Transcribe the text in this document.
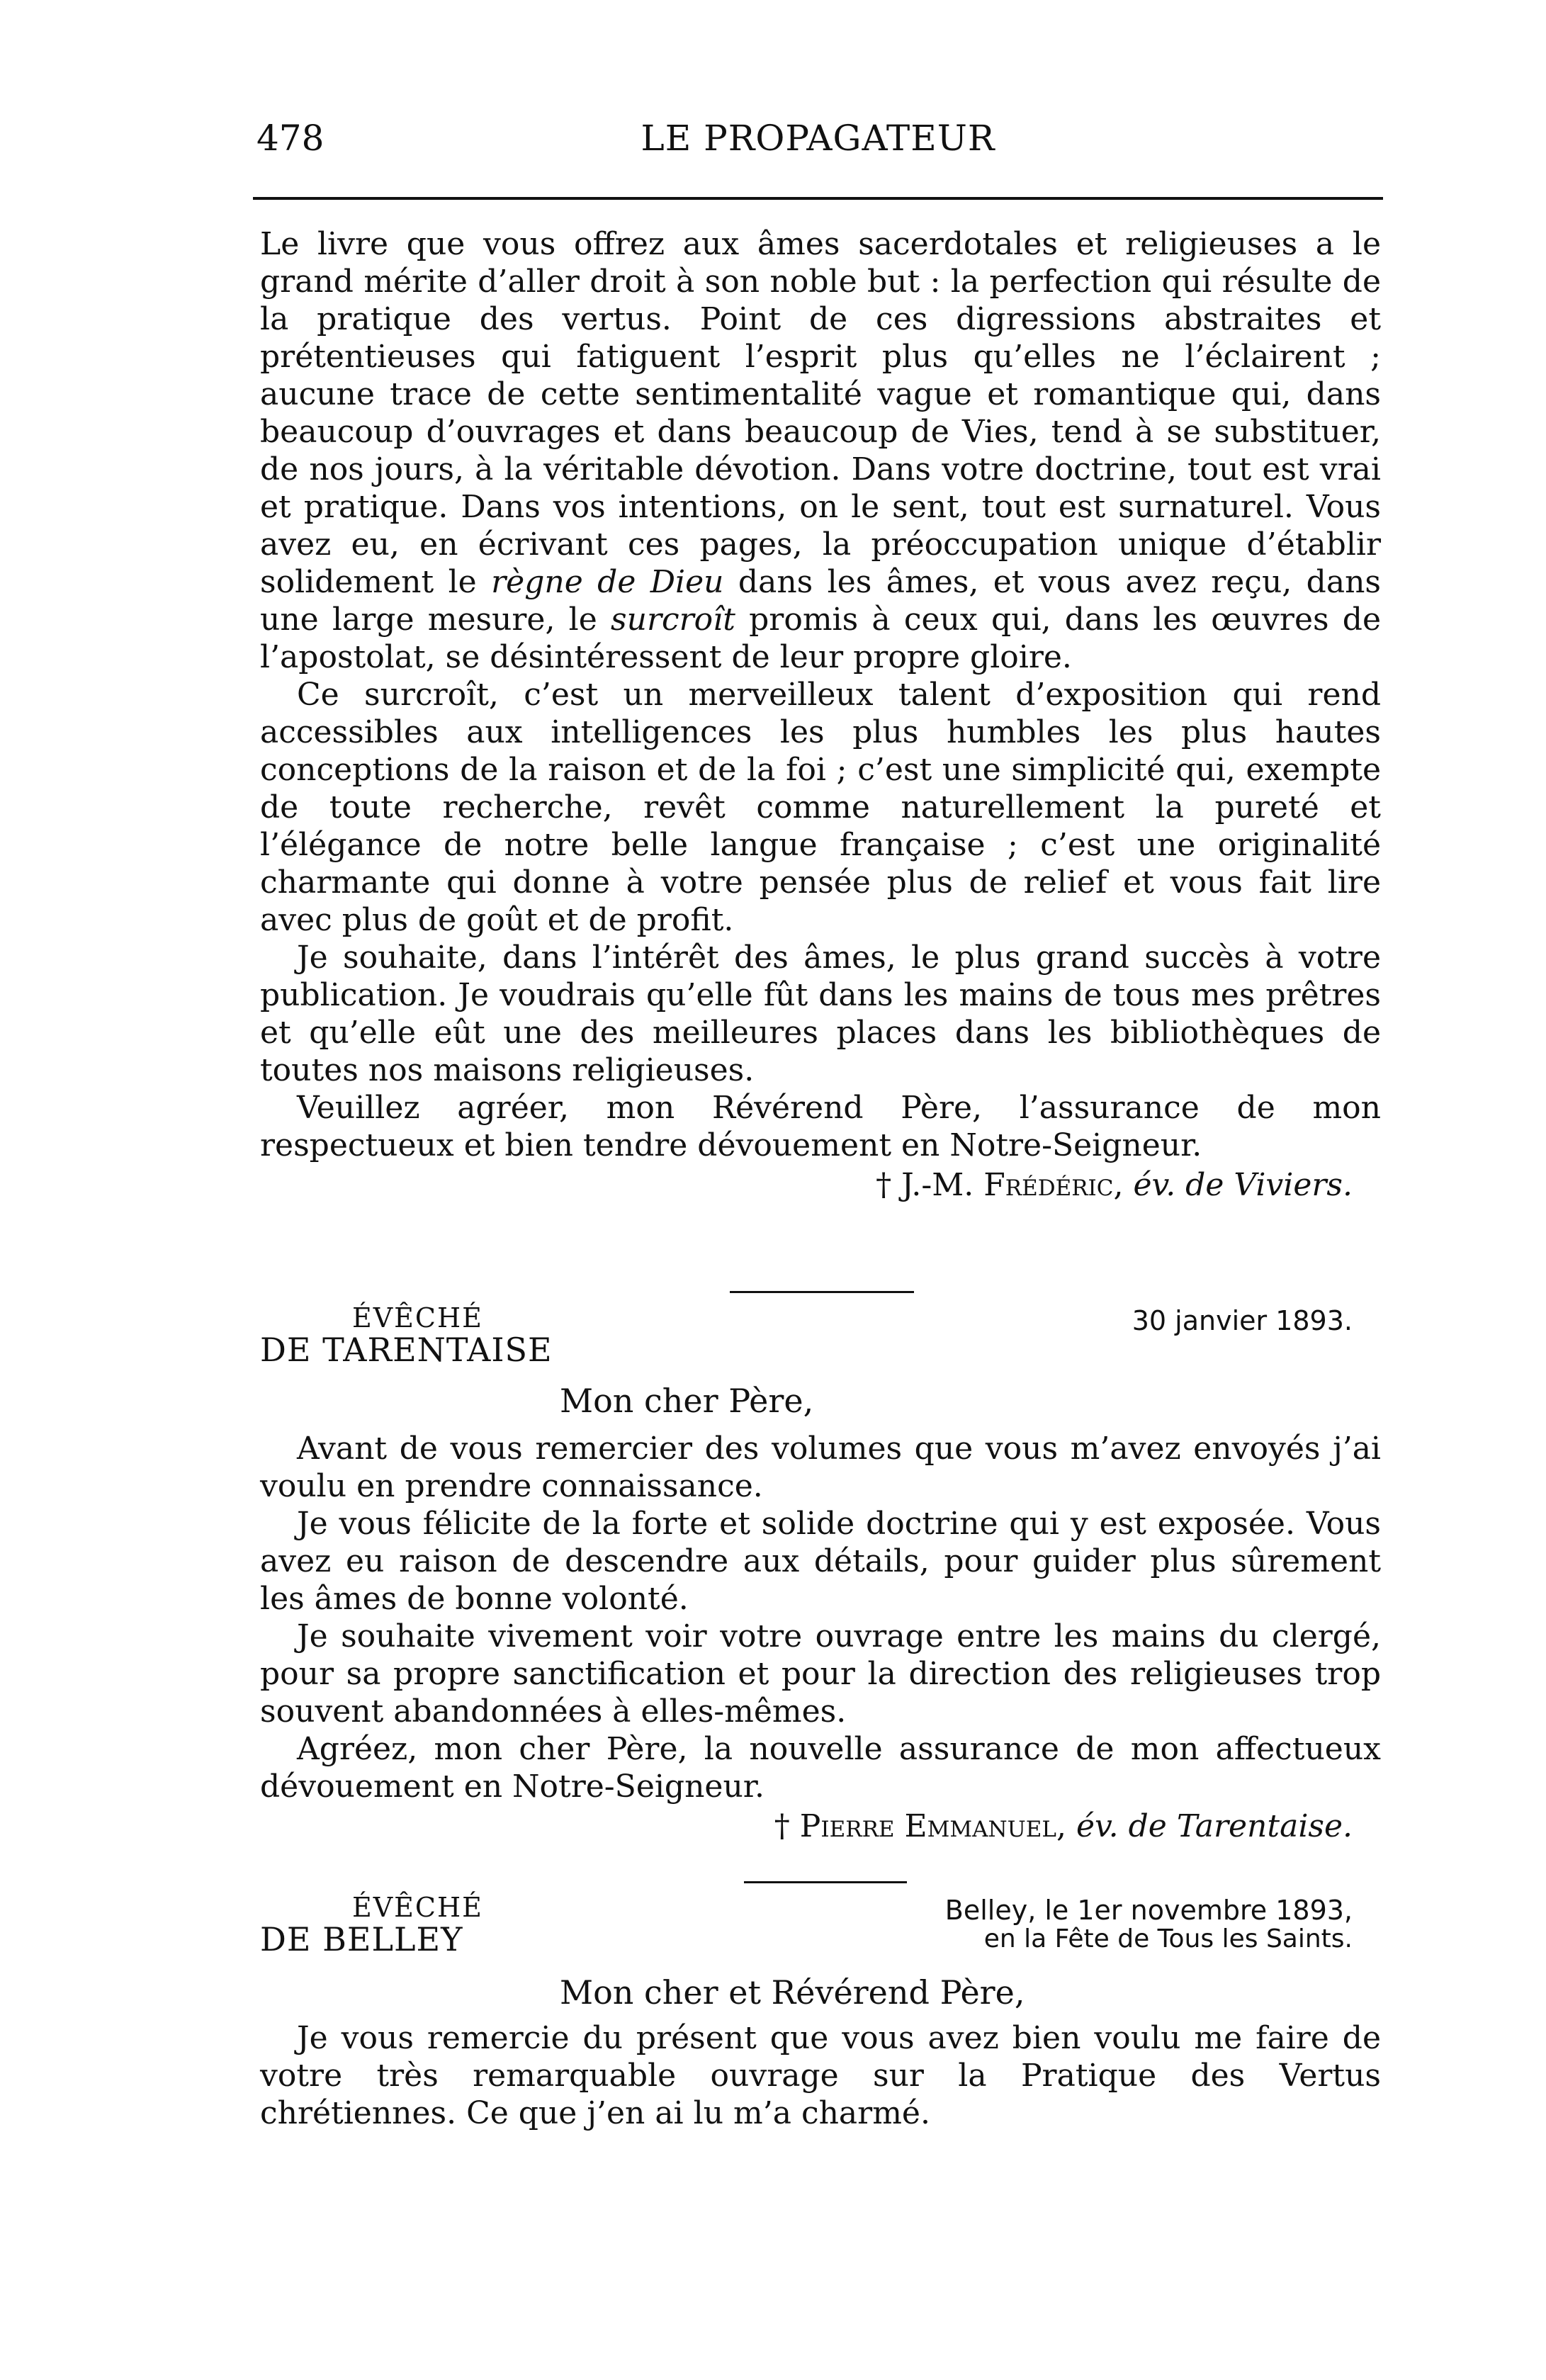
478	LE PROPAGATEUR

Le livre que vous offrez aux âmes sacerdotales et religieuses a le grand mérite d’aller droit à son noble but : la perfection qui résulte de la pratique des vertus. Point de ces digressions abstraites et prétentieuses qui fatiguent l’esprit plus qu’elles ne l’éclairent ; aucune trace de cette sentimentalité vague et romantique qui, dans beaucoup d’ouvrages et dans beaucoup de Vies, tend à se substituer, de nos jours, à la véritable dévotion. Dans votre doctrine, tout est vrai et pratique. Dans vos intentions, on le sent, tout est surnaturel. Vous avez eu, en écrivant ces pages, la préoccupation unique d’établir solidement le règne de Dieu dans les âmes, et vous avez reçu, dans une large mesure, le surcroît promis à ceux qui, dans les œuvres de l’apostolat, se désintéressent de leur propre gloire.

Ce surcroît, c’est un merveilleux talent d’exposition qui rend accessibles aux intelligences les plus humbles les plus hautes conceptions de la raison et de la foi ; c’est une simplicité qui, exempte de toute recherche, revêt comme naturellement la pureté et l’élégance de notre belle langue française ; c’est une originalité charmante qui donne à votre pensée plus de relief et vous fait lire avec plus de goût et de profit.

Je souhaite, dans l’intérêt des âmes, le plus grand succès à votre publication. Je voudrais qu’elle fût dans les mains de tous mes prêtres et qu’elle eût une des meilleures places dans les bibliothèques de toutes nos maisons religieuses.

Veuillez agréer, mon Révérend Père, l’assurance de mon respectueux et bien tendre dévouement en Notre-Seigneur.

† J.-M. Frédéric, év. de Viviers.

ÉVÊCHÉ
DE TARENTAISE
30 janvier 1893.
Mon cher Père,

Avant de vous remercier des volumes que vous m’avez envoyés j’ai voulu en prendre connaissance.

Je vous félicite de la forte et solide doctrine qui y est exposée. Vous avez eu raison de descendre aux détails, pour guider plus sûrement les âmes de bonne volonté.

Je souhaite vivement voir votre ouvrage entre les mains du clergé, pour sa propre sanctification et pour la direction des religieuses trop souvent abandonnées à elles-mêmes.

Agréez, mon cher Père, la nouvelle assurance de mon affectueux dévouement en Notre-Seigneur.

† Pierre Emmanuel, év. de Tarentaise.

ÉVÊCHÉ
DE BELLEY
Belley, le 1er novembre 1893,
en la Fête de Tous les Saints.
Mon cher et Révérend Père,

Je vous remercie du présent que vous avez bien voulu me faire de votre très remarquable ouvrage sur la Pratique des Vertus chrétiennes. Ce que j’en ai lu m’a charmé.
